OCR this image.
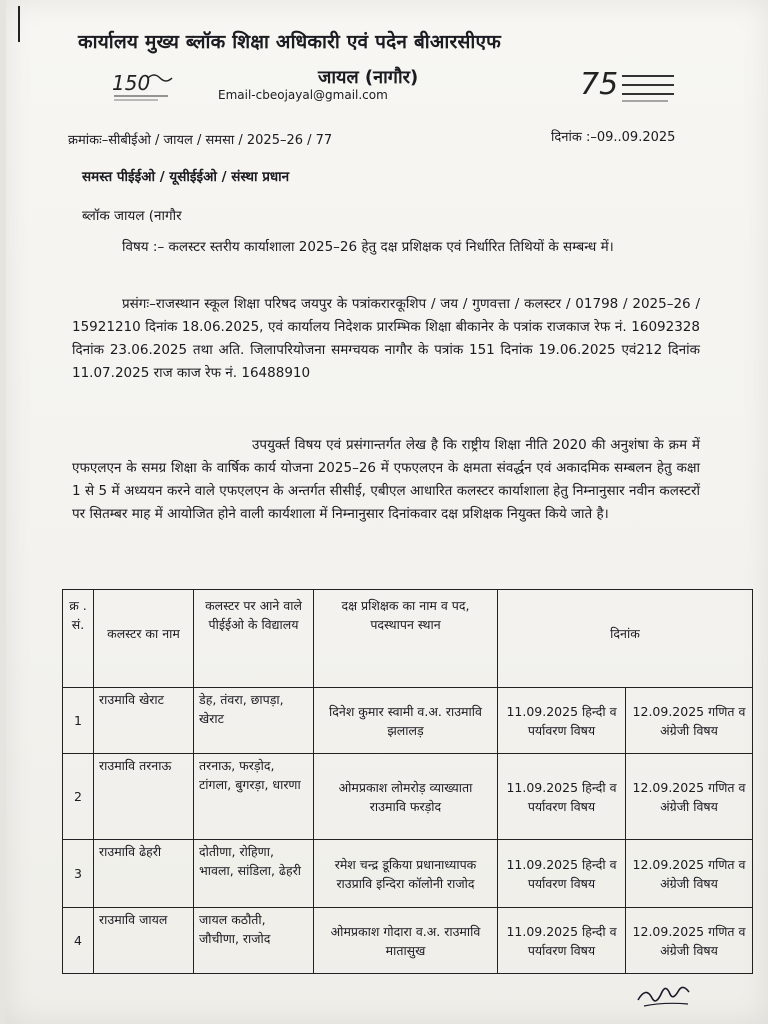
कार्यालय मुख्य ब्लॉक शिक्षा अधिकारी एवं पदेन बीआरसीएफ
जायल (नागौर)
Email-cbeojayal@gmail.com
150	75
क्रमांकः–सीबीईओ / जायल / समसा / 2025–26 / 77	दिनांक :–09..09.2025
समस्त पीईईओ / यूसीईईओ / संस्था प्रधान
ब्लॉक जायल (नागौर
विषय :– कलस्टर स्तरीय कार्याशाला 2025–26 हेतु दक्ष प्रशिक्षक एवं निर्धारित तिथियों के सम्बन्ध में।
प्रसंगः–राजस्थान स्कूल शिक्षा परिषद जयपुर के पत्रांकरारकूशिप / जय / गुणवत्ता / कलस्टर / 01798 / 2025–26 / 15921210 दिनांक 18.06.2025, एवं कार्यालय निदेशक प्रारम्भिक शिक्षा बीकानेर के पत्रांक राजकाज रेफ नं. 16092328 दिनांक 23.06.2025 तथा अति. जिलापरियोजना समग्चयक नागौर के पत्रांक 151 दिनांक 19.06.2025 एवं212 दिनांक 11.07.2025 राज काज रेफ नं. 16488910
उपयुर्क्त विषय एवं प्रसंगान्तर्गत लेख है कि राष्ट्रीय शिक्षा नीति 2020 की अनुशंषा के क्रम में एफएलएन के समग्र शिक्षा के वार्षिक कार्य योजना 2025–26 में एफएलएन के क्षमता संवर्द्धन एवं अकादमिक सम्बलन हेतु कक्षा 1 से 5 में अध्ययन करने वाले एफएलएन के अन्तर्गत सीसीई, एबीएल आधारित कलस्टर कार्याशाला हेतु निम्नानुसार नवीन कलस्टरों पर सितम्बर माह में आयोजित होने वाली कार्यशाला में निम्नानुसार दिनांकवार दक्ष प्रशिक्षक नियुक्त किये जाते है।
क्र . सं.	कलस्टर का नाम	कलस्टर पर आने वाले पीईईओ के विद्यालय	दक्ष प्रशिक्षक का नाम व पद, पदस्थापन स्थान	दिनांक	
1	राउमावि खेराट	डेह, तंवरा, छापड़ा, खेराट	दिनेश कुमार स्वामी व.अ. राउमावि झलालड़	11.09.2025 हिन्दी व पर्यावरण विषय	12.09.2025 गणित व अंग्रेजी विषय
2	राउमावि तरनाऊ	तरनाऊ, फरड़ोद, टांगला, बुगरड़ा, धारणा	ओमप्रकाश लोमरोड़ व्याख्याता राउमावि फरड़ोद	11.09.2025 हिन्दी व पर्यावरण विषय	12.09.2025 गणित व अंग्रेजी विषय
3	राउमावि ढेहरी	दोतीणा, रोहिणा, भावला, सांडिला, ढेहरी	रमेश चन्द्र डूकिया प्रधानाध्यापक राउप्रावि इन्दिरा कॉलोनी राजोद	11.09.2025 हिन्दी व पर्यावरण विषय	12.09.2025 गणित व अंग्रेजी विषय
4	राउमावि जायल	जायल कठौती, जौचीणा, राजोद	ओमप्रकाश गोदारा व.अ. राउमावि मातासुख	11.09.2025 हिन्दी व पर्यावरण विषय	12.09.2025 गणित व अंग्रेजी विषय
